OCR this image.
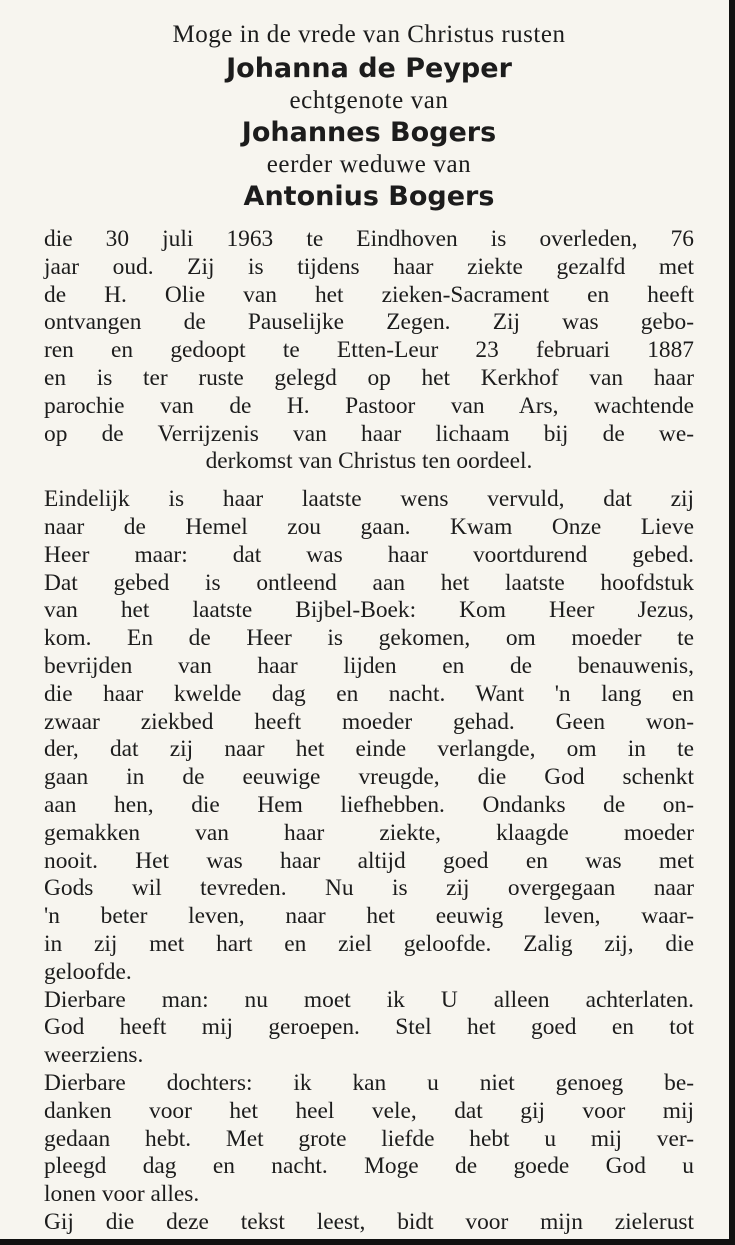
Moge in de vrede van Christus rusten
Johanna de Peyper
echtgenote van
Johannes Bogers
eerder weduwe van
Antonius Bogers
die 30 juli 1963 te Eindhoven is overleden, 76
jaar oud. Zij is tijdens haar ziekte gezalfd met
de H. Olie van het zieken-Sacrament en heeft
ontvangen de Pauselijke Zegen. Zij was gebo-
ren en gedoopt te Etten-Leur 23 februari 1887
en is ter ruste gelegd op het Kerkhof van haar
parochie van de H. Pastoor van Ars, wachtende
op de Verrijzenis van haar lichaam bij de we-
derkomst van Christus ten oordeel.
Eindelijk is haar laatste wens vervuld, dat zij
naar de Hemel zou gaan. Kwam Onze Lieve
Heer maar: dat was haar voortdurend gebed.
Dat gebed is ontleend aan het laatste hoofdstuk
van het laatste Bijbel-Boek: Kom Heer Jezus,
kom. En de Heer is gekomen, om moeder te
bevrijden van haar lijden en de benauwenis,
die haar kwelde dag en nacht. Want 'n lang en
zwaar ziekbed heeft moeder gehad. Geen won-
der, dat zij naar het einde verlangde, om in te
gaan in de eeuwige vreugde, die God schenkt
aan hen, die Hem liefhebben. Ondanks de on-
gemakken van haar ziekte, klaagde moeder
nooit. Het was haar altijd goed en was met
Gods wil tevreden. Nu is zij overgegaan naar
'n beter leven, naar het eeuwig leven, waar-
in zij met hart en ziel geloofde. Zalig zij, die
geloofde.
Dierbare man: nu moet ik U alleen achterlaten.
God heeft mij geroepen. Stel het goed en tot
weerziens.
Dierbare dochters: ik kan u niet genoeg be-
danken voor het heel vele, dat gij voor mij
gedaan hebt. Met grote liefde hebt u mij ver-
pleegd dag en nacht. Moge de goede God u
lonen voor alles.
Gij die deze tekst leest, bidt voor mijn zielerust
